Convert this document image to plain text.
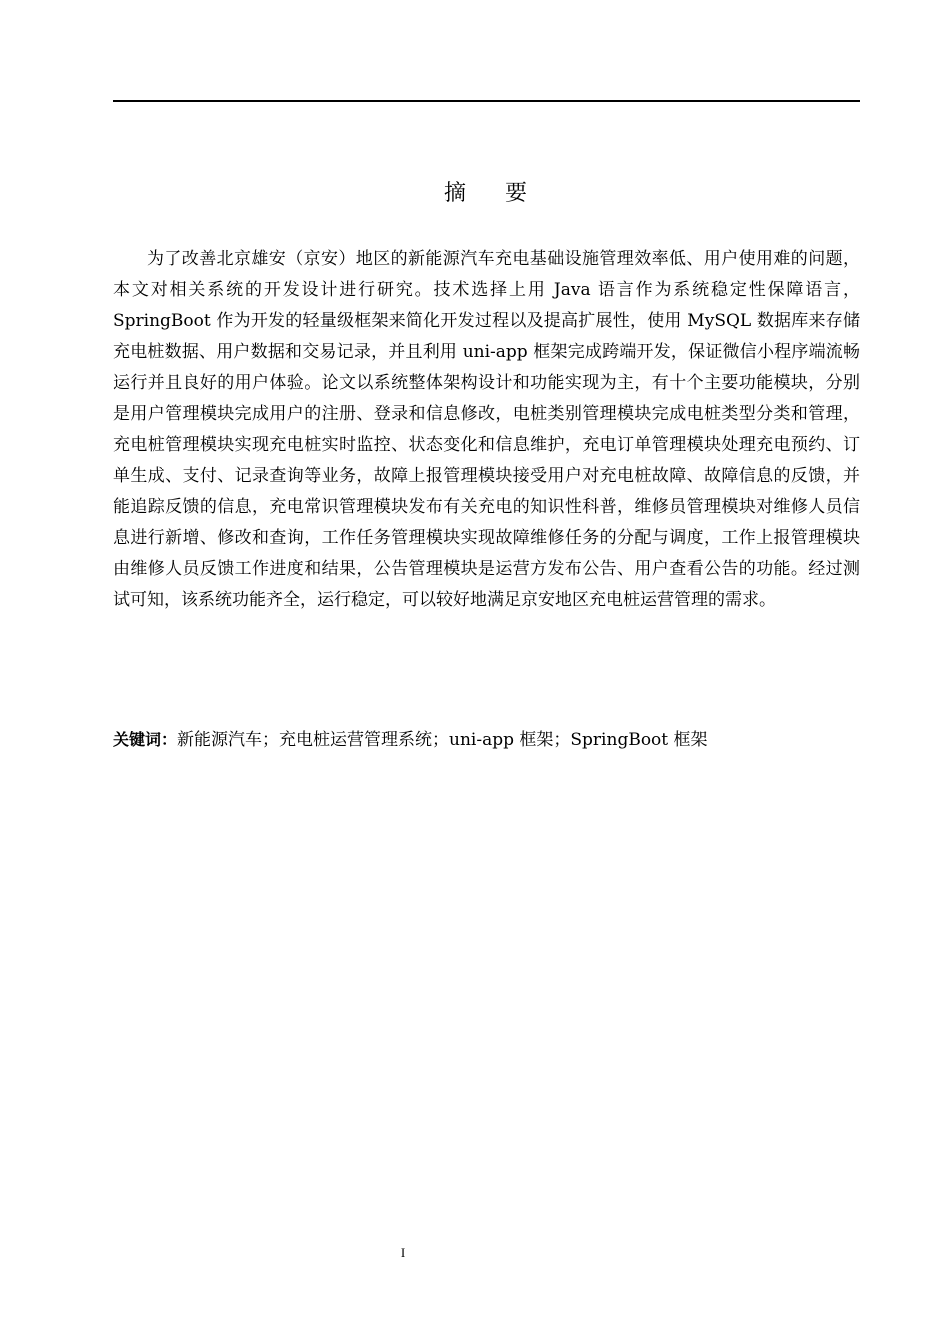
摘 要

为了改善北京雄安（京安）地区的新能源汽车充电基础设施管理效率低、用户使用难的问题，本文对相关系统的开发设计进行研究。技术选择上用 Java 语言作为系统稳定性保障语言，SpringBoot 作为开发的轻量级框架来简化开发过程以及提高扩展性，使用 MySQL 数据库来存储充电桩数据、用户数据和交易记录，并且利用 uni-app 框架完成跨端开发，保证微信小程序端流畅运行并且良好的用户体验。论文以系统整体架构设计和功能实现为主，有十个主要功能模块，分别是用户管理模块完成用户的注册、登录和信息修改，电桩类别管理模块完成电桩类型分类和管理，充电桩管理模块实现充电桩实时监控、状态变化和信息维护，充电订单管理模块处理充电预约、订单生成、支付、记录查询等业务，故障上报管理模块接受用户对充电桩故障、故障信息的反馈，并能追踪反馈的信息，充电常识管理模块发布有关充电的知识性科普，维修员管理模块对维修人员信息进行新增、修改和查询，工作任务管理模块实现故障维修任务的分配与调度，工作上报管理模块由维修人员反馈工作进度和结果，公告管理模块是运营方发布公告、用户查看公告的功能。经过测试可知，该系统功能齐全，运行稳定，可以较好地满足京安地区充电桩运营管理的需求。

关键词：新能源汽车；充电桩运营管理系统；uni-app 框架；SpringBoot 框架

I
